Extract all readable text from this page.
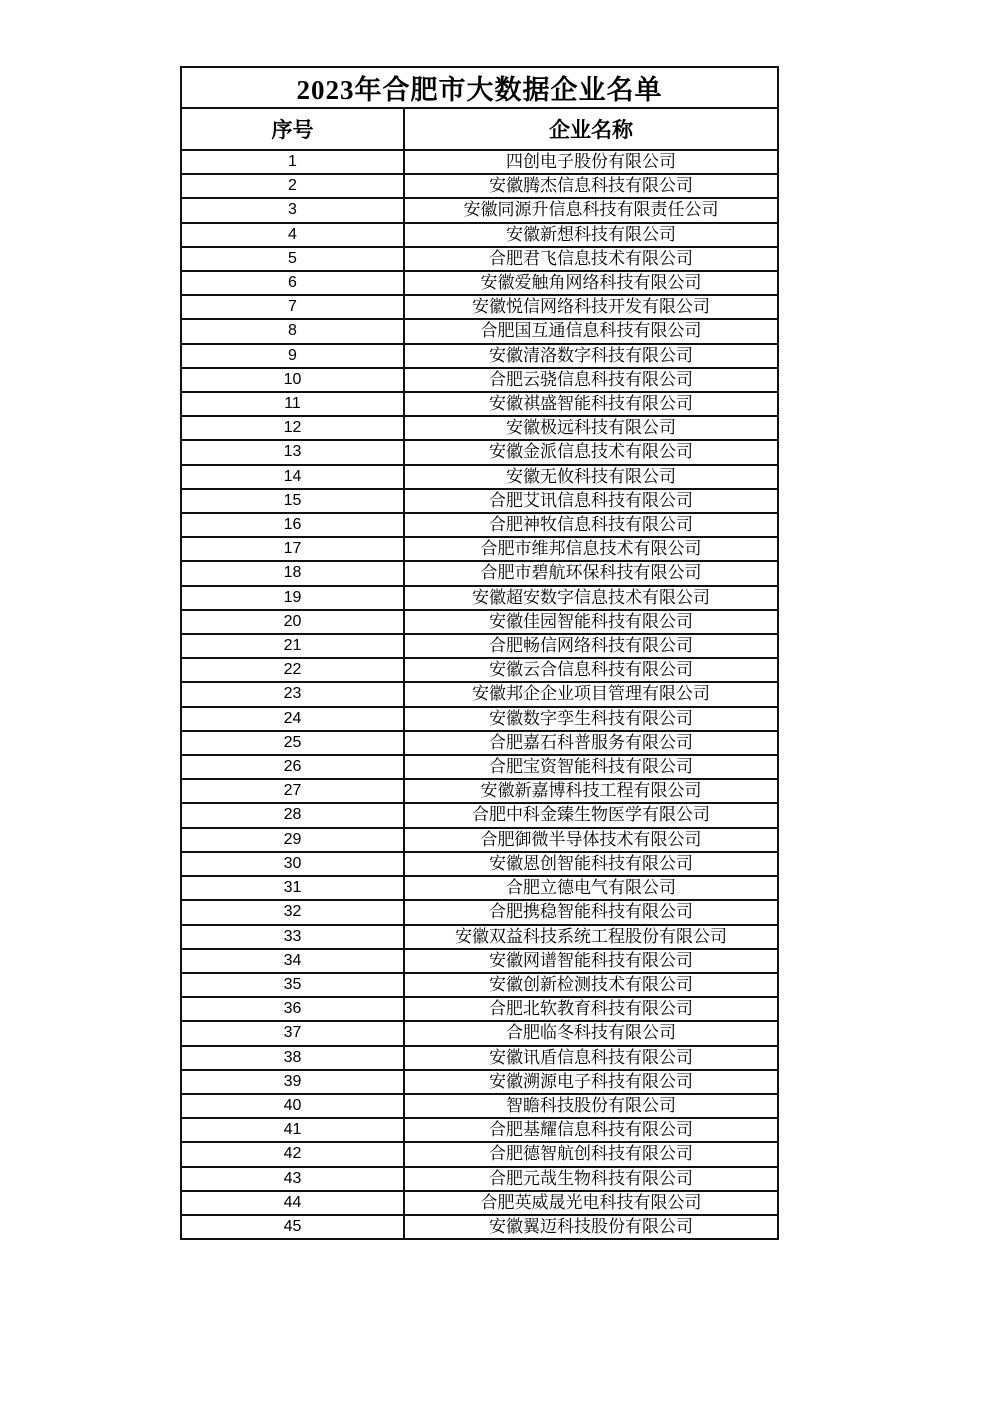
2023年合肥市大数据企业名单	
序号	企业名称
1	四创电子股份有限公司
2	安徽腾杰信息科技有限公司
3	安徽同源升信息科技有限责任公司
4	安徽新想科技有限公司
5	合肥君飞信息技术有限公司
6	安徽爱触角网络科技有限公司
7	安徽悦信网络科技开发有限公司
8	合肥国互通信息科技有限公司
9	安徽清洛数字科技有限公司
10	合肥云骁信息科技有限公司
11	安徽祺盛智能科技有限公司
12	安徽极远科技有限公司
13	安徽金派信息技术有限公司
14	安徽无攸科技有限公司
15	合肥艾讯信息科技有限公司
16	合肥神牧信息科技有限公司
17	合肥市维邦信息技术有限公司
18	合肥市碧航环保科技有限公司
19	安徽超安数字信息技术有限公司
20	安徽佳园智能科技有限公司
21	合肥畅信网络科技有限公司
22	安徽云合信息科技有限公司
23	安徽邦企企业项目管理有限公司
24	安徽数字孪生科技有限公司
25	合肥嘉石科普服务有限公司
26	合肥宝资智能科技有限公司
27	安徽新嘉博科技工程有限公司
28	合肥中科金臻生物医学有限公司
29	合肥御微半导体技术有限公司
30	安徽恩创智能科技有限公司
31	合肥立德电气有限公司
32	合肥携稳智能科技有限公司
33	安徽双益科技系统工程股份有限公司
34	安徽网谱智能科技有限公司
35	安徽创新检测技术有限公司
36	合肥北软教育科技有限公司
37	合肥临冬科技有限公司
38	安徽讯盾信息科技有限公司
39	安徽溯源电子科技有限公司
40	智瞻科技股份有限公司
41	合肥基耀信息科技有限公司
42	合肥德智航创科技有限公司
43	合肥元哉生物科技有限公司
44	合肥英威晟光电科技有限公司
45	安徽翼迈科技股份有限公司
